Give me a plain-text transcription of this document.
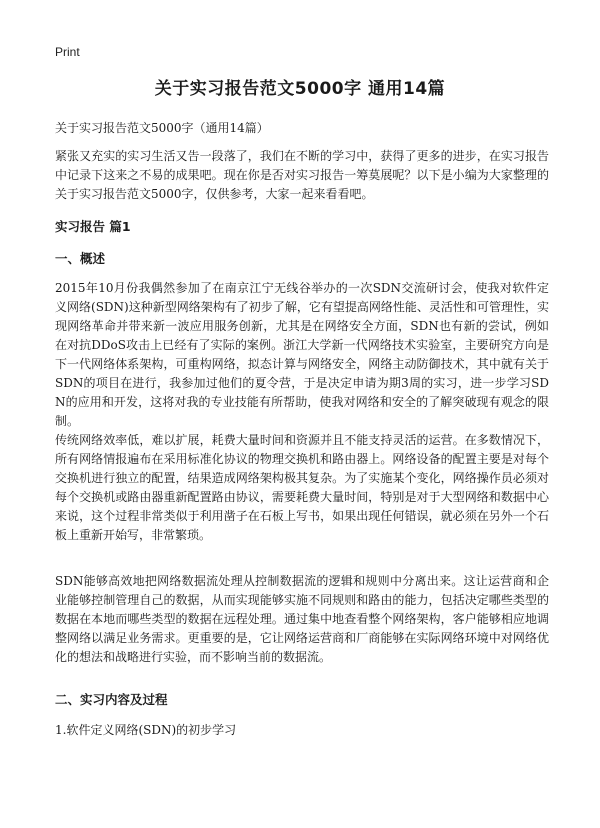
Print
关于实习报告范文5000字 通用14篇
关于实习报告范文5000字（通用14篇）
紧张又充实的实习生活又告一段落了，我们在不断的学习中，获得了更多的进步，在实习报告中记录下这来之不易的成果吧。现在你是否对实习报告一筹莫展呢？以下是小编为大家整理的关于实习报告范文5000字，仅供参考，大家一起来看看吧。
实习报告 篇1
一、概述
2015年10月份我偶然参加了在南京江宁无线谷举办的一次SDN交流研讨会，使我对软件定义网络(SDN)这种新型网络架构有了初步了解，它有望提高网络性能、灵活性和可管理性，实现网络革命并带来新一波应用服务创新，尤其是在网络安全方面，SDN也有新的尝试，例如在对抗DDoS攻击上已经有了实际的案例。浙江大学新一代网络技术实验室，主要研究方向是下一代网络体系架构，可重构网络，拟态计算与网络安全，网络主动防御技术，其中就有关于SDN的项目在进行，我参加过他们的夏令营，于是决定申请为期3周的实习，进一步学习SDN的应用和开发，这将对我的专业技能有所帮助，使我对网络和安全的了解突破现有观念的限制。
传统网络效率低，难以扩展，耗费大量时间和资源并且不能支持灵活的运营。在多数情况下，所有网络情报遍布在采用标准化协议的物理交换机和路由器上。网络设备的配置主要是对每个交换机进行独立的配置，结果造成网络架构极其复杂。为了实施某个变化，网络操作员必须对每个交换机或路由器重新配置路由协议，需要耗费大量时间，特别是对于大型网络和数据中心来说，这个过程非常类似于利用凿子在石板上写书，如果出现任何错误，就必须在另外一个石板上重新开始写，非常繁琐。
SDN能够高效地把网络数据流处理从控制数据流的逻辑和规则中分离出来。这让运营商和企业能够控制管理自己的数据，从而实现能够实施不同规则和路由的能力，包括决定哪些类型的数据在本地而哪些类型的数据在远程处理。通过集中地查看整个网络架构，客户能够相应地调整网络以满足业务需求。更重要的是，它让网络运营商和厂商能够在实际网络环境中对网络优化的想法和战略进行实验，而不影响当前的数据流。
二、实习内容及过程
1.软件定义网络(SDN)的初步学习
